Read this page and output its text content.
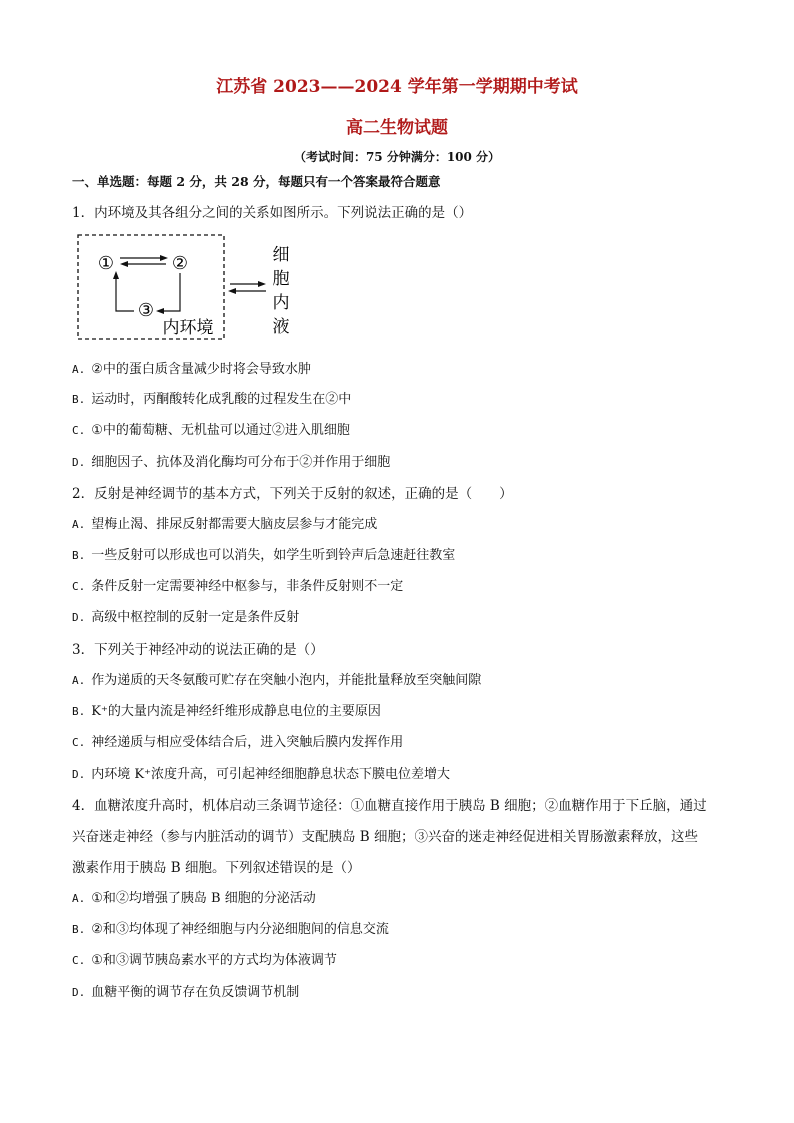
江苏省 2023——2024 学年第一学期期中考试
高二生物试题
（考试时间：75 分钟满分：100 分）
一、单选题：每题 2 分，共 28 分，每题只有一个答案最符合题意
1．内环境及其各组分之间的关系如图所示。下列说法正确的是（）
①	②
③
内环境
细
胞
内
液
A. ②中的蛋白质含量减少时将会导致水肿
B. 运动时，丙酮酸转化成乳酸的过程发生在②中
C. ①中的葡萄糖、无机盐可以通过②进入肌细胞
D. 细胞因子、抗体及消化酶均可分布于②并作用于细胞
2．反射是神经调节的基本方式，下列关于反射的叙述，正确的是（　　）
A. 望梅止渴、排尿反射都需要大脑皮层参与才能完成
B. 一些反射可以形成也可以消失，如学生听到铃声后急速赶往教室
C. 条件反射一定需要神经中枢参与，非条件反射则不一定
D. 高级中枢控制的反射一定是条件反射
3．下列关于神经冲动的说法正确的是（）
A. 作为递质的天冬氨酸可贮存在突触小泡内，并能批量释放至突触间隙
B. K⁺的大量内流是神经纤维形成静息电位的主要原因
C. 神经递质与相应受体结合后，进入突触后膜内发挥作用
D. 内环境 K⁺浓度升高，可引起神经细胞静息状态下膜电位差增大
4．血糖浓度升高时，机体启动三条调节途径：①血糖直接作用于胰岛 B 细胞；②血糖作用于下丘脑，通过
兴奋迷走神经（参与内脏活动的调节）支配胰岛 B 细胞；③兴奋的迷走神经促进相关胃肠激素释放，这些
激素作用于胰岛 B 细胞。下列叙述错误的是（）
A. ①和②均增强了胰岛 B 细胞的分泌活动
B. ②和③均体现了神经细胞与内分泌细胞间的信息交流
C. ①和③调节胰岛素水平的方式均为体液调节
D. 血糖平衡的调节存在负反馈调节机制
